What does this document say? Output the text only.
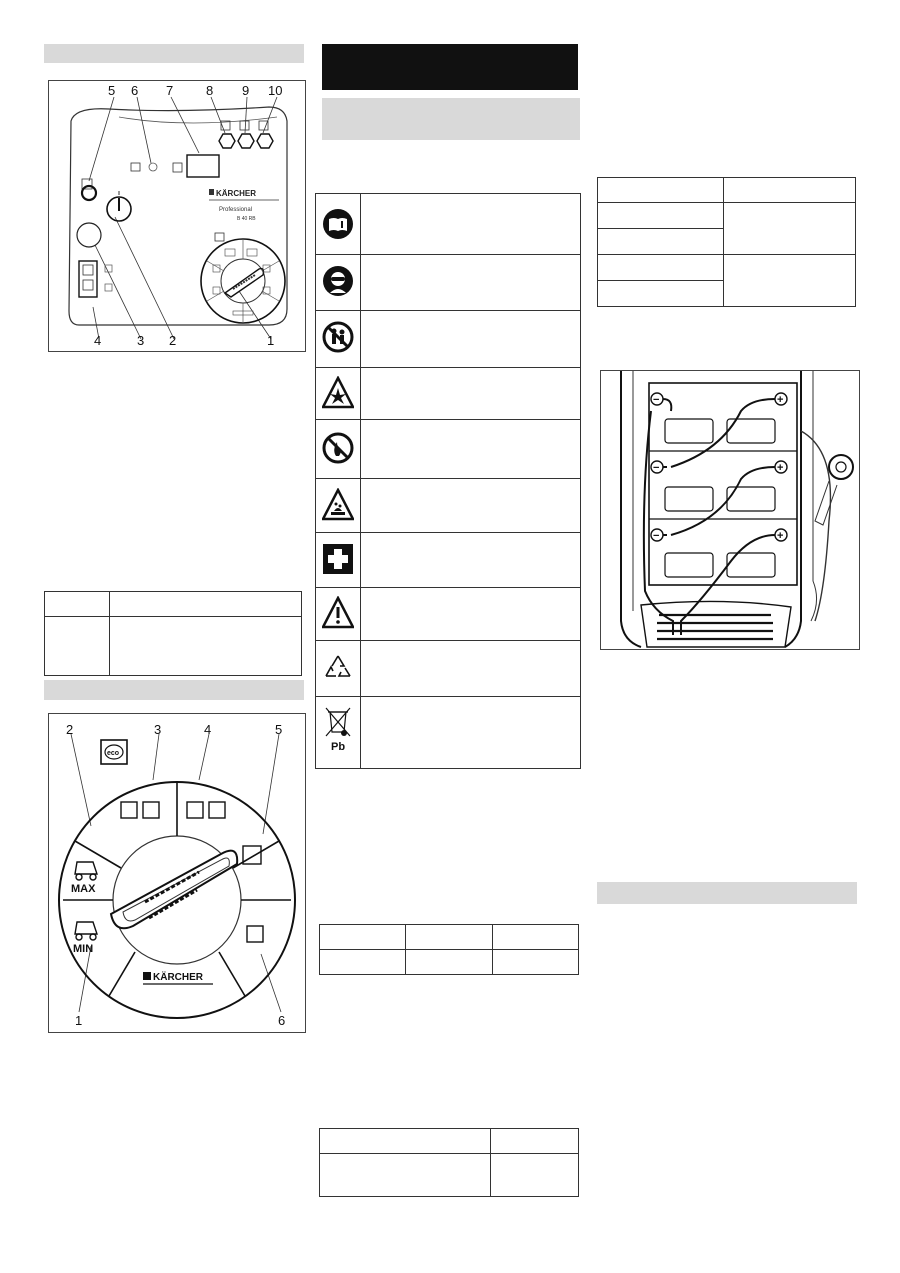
KÄRCHER
Professional
B 40 RB
5 6 7	8 9 10
4	3 2	1

eco
MAX
MIN
KÄRCHER
2	3	4	5
1	6
Pb

−
−
−
+
+
+
